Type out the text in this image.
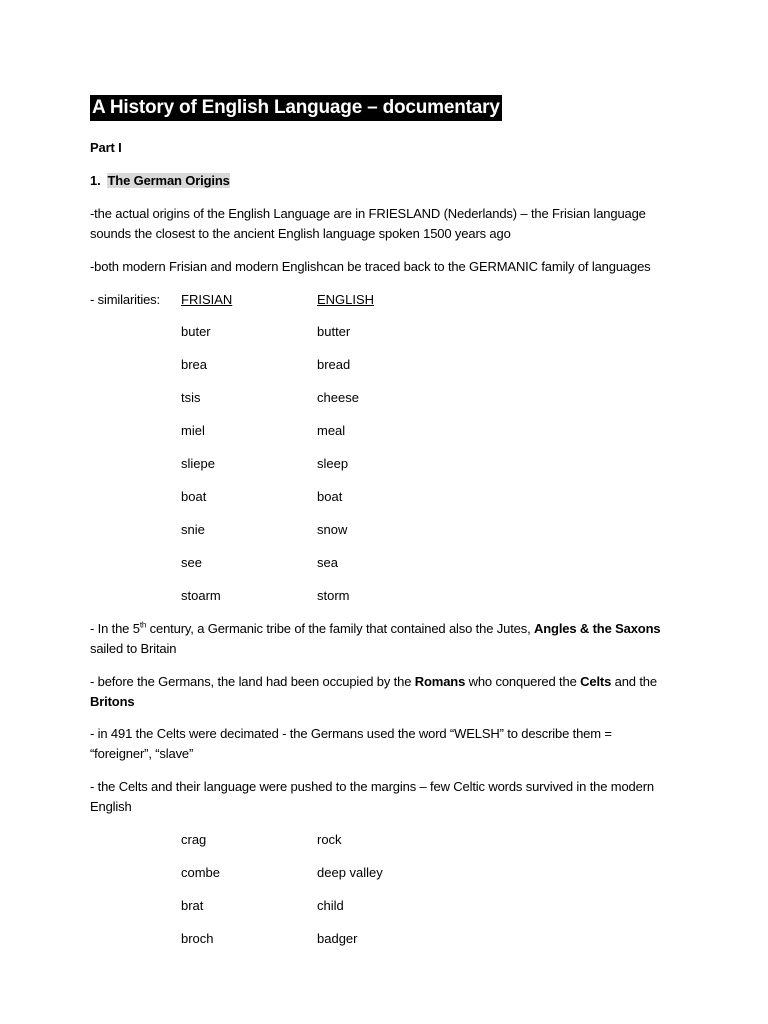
A History of English Language – documentary
Part I
1. The German Origins
-the actual origins of the English Language are in FRIESLAND (Nederlands) – the Frisian language sounds the closest to the ancient English language spoken 1500 years ago
-both modern Frisian and modern Englishcan be traced back to the GERMANIC family of languages
- similarities: FRISIAN	ENGLISH
buter	butter
brea	bread
tsis	cheese
miel	meal
sliepe	sleep
boat	boat
snie	snow
see	sea
stoarm	storm
- In the 5th century, a Germanic tribe of the family that contained also the Jutes, Angles & the Saxons
sailed to Britain
- before the Germans, the land had been occupied by the Romans who conquered the Celts and the
Britons
- in 491 the Celts were decimated - the Germans used the word “WELSH” to describe them =
“foreigner”, “slave”
- the Celts and their language were pushed to the margins – few Celtic words survived in the modern
English
crag	rock
combe	deep valley
brat	child
broch	badger
